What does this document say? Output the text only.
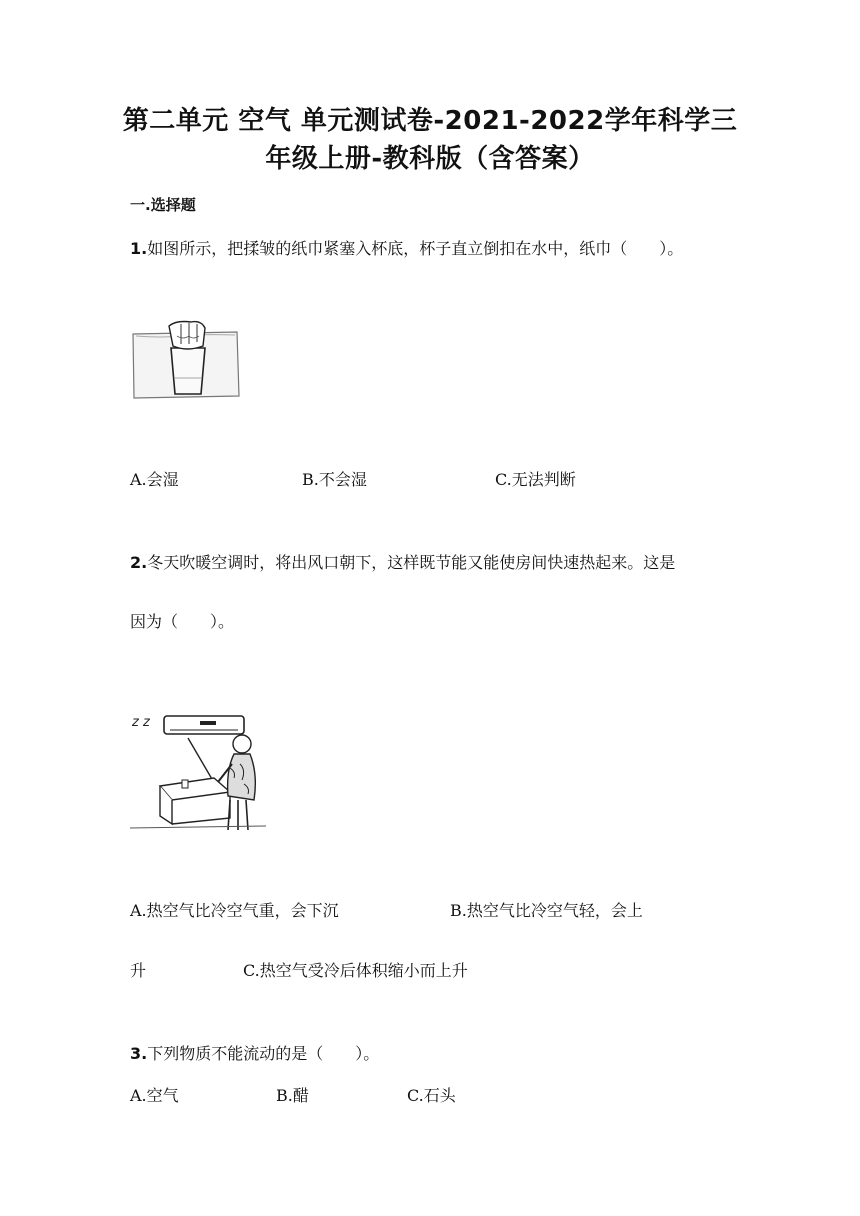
第二单元 空气 单元测试卷-2021-2022学年科学三
年级上册-教科版（含答案）
一.选择题
1.如图所示，把揉皱的纸巾紧塞入杯底，杯子直立倒扣在水中，纸巾（　　）。
A.会湿	B.不会湿	C.无法判断
2.冬天吹暖空调时，将出风口朝下，这样既节能又能使房间快速热起来。这是
因为（　　）。
z z
A.热空气比冷空气重，会下沉	B.热空气比冷空气轻，会上
升	C.热空气受冷后体积缩小而上升
3.下列物质不能流动的是（　　）。
A.空气	B.醋	C.石头
